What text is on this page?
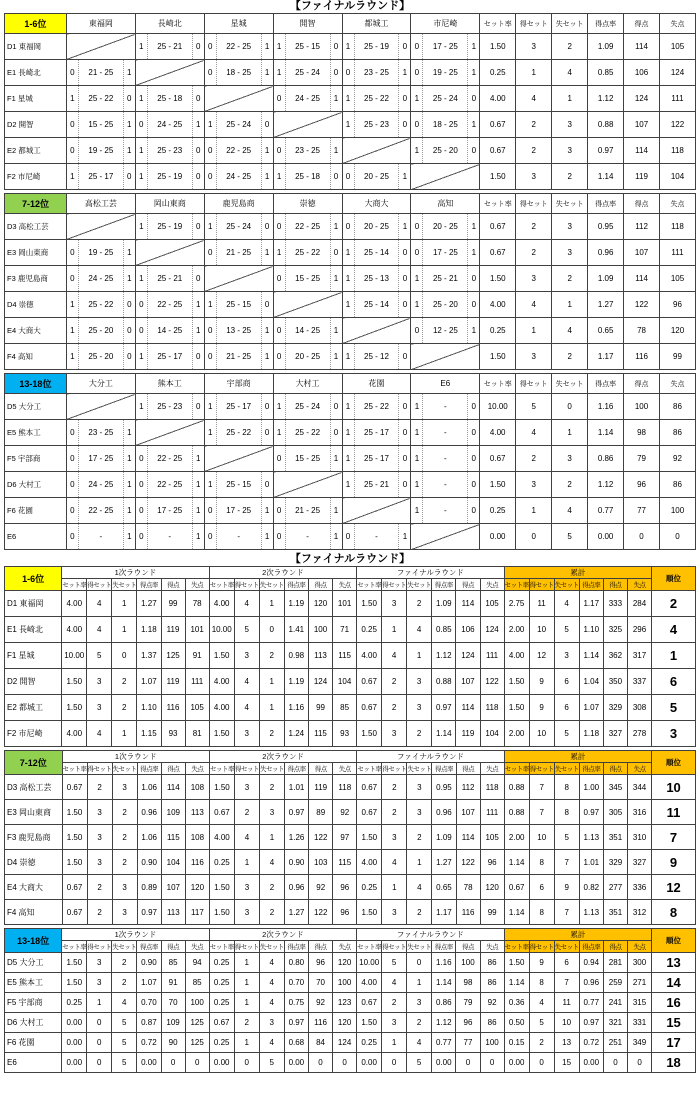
【ファイナルラウンド】
1-6位	東福岡	長崎北	星城	開智	都城工	市尼崎	セット率	得セット	失セット	得点率	得点	失点
D1 東福岡		1 25 - 21 0	0 22 - 25 1	1 25 - 15 0	1 25 - 19 0	0 17 - 25 1	1.50	3	2	1.09	114	105
E1 長崎北	0 21 - 25 1		0 18 - 25 1	1 25 - 24 0	0 23 - 25 1	0 19 - 25 1	0.25	1	4	0.85	106	124
F1 星城	1 25 - 22 0	1 25 - 18 0		0 24 - 25 1	1 25 - 22 0	1 25 - 24 0	4.00	4	1	1.12	124	111
D2 開智	0 15 - 25 1	0 24 - 25 1	1 25 - 24 0		1 25 - 23 0	0 18 - 25 1	0.67	2	3	0.88	107	122
E2 都城工	0 19 - 25 1	1 25 - 23 0	0 22 - 25 1	0 23 - 25 1		1 25 - 20 0	0.67	2	3	0.97	114	118
F2 市尼崎	1 25 - 17 0	1 25 - 19 0	0 24 - 25 1	1 25 - 18 0	0 20 - 25 1		1.50	3	2	1.14	119	104
7-12位	高松工芸	岡山東商	鹿児島商	崇徳	大商大	高知	セット率	得セット	失セット	得点率	得点	失点
D3 高松工芸		1 25 - 19 0	1 25 - 24 0	0 22 - 25 1	0 20 - 25 1	0 20 - 25 1	0.67	2	3	0.95	112	118
E3 岡山東商	0 19 - 25 1		0 21 - 25 1	1 25 - 22 0	1 25 - 14 0	0 17 - 25 1	0.67	2	3	0.96	107	111
F3 鹿児島商	0 24 - 25 1	1 25 - 21 0		0 15 - 25 1	1 25 - 13 0	1 25 - 21 0	1.50	3	2	1.09	114	105
D4 崇徳	1 25 - 22 0	0 22 - 25 1	1 25 - 15 0		1 25 - 14 0	1 25 - 20 0	4.00	4	1	1.27	122	96
E4 大商大	1 25 - 20 0	0 14 - 25 1	0 13 - 25 1	0 14 - 25 1		0 12 - 25 1	0.25	1	4	0.65	78	120
F4 高知	1 25 - 20 0	1 25 - 17 0	0 21 - 25 1	0 20 - 25 1	1 25 - 12 0		1.50	3	2	1.17	116	99
13-18位	大分工	熊本工	宇部商	大村工	花園	E6	セット率	得セット	失セット	得点率	得点	失点
D5 大分工		1 25 - 23 0	1 25 - 17 0	1 25 - 24 0	1 25 - 22 0	1 - 0	10.00	5	0	1.16	100	86
E5 熊本工	0 23 - 25 1		1 25 - 22 0	1 25 - 22 0	1 25 - 17 0	1 - 0	4.00	4	1	1.14	98	86
F5 宇部商	0 17 - 25 1	0 22 - 25 1		0 15 - 25 1	1 25 - 17 0	1 - 0	0.67	2	3	0.86	79	92
D6 大村工	0 24 - 25 1	0 22 - 25 1	1 25 - 15 0		1 25 - 21 0	1 - 0	1.50	3	2	1.12	96	86
F6 花園	0 22 - 25 1	0 17 - 25 1	0 17 - 25 1	0 21 - 25 1		1 - 0	0.25	1	4	0.77	77	100
E6	0 - 1	0 - 1	0 - 1	0 - 1	0 - 1		0.00	0	5	0.00	0	0
【ファイナルラウンド】
1-6位	1次ラウンド						2次ラウンド						ファイナルラウンド						累計						順位
	セット率	得セット	失セット	得点率	得点	失点	セット率	得セット	失セット	得点率	得点	失点	セット率	得セット	失セット	得点率	得点	失点	セット率	得セット	失セット	得点率	得点	失点	
D1 東福岡	4.00	4	1	1.27	99	78	4.00	4	1	1.19	120	101	1.50	3	2	1.09	114	105	2.75	11	4	1.17	333	284	2
E1 長崎北	4.00	4	1	1.18	119	101	10.00	5	0	1.41	100	71	0.25	1	4	0.85	106	124	2.00	10	5	1.10	325	296	4
F1 星城	10.00	5	0	1.37	125	91	1.50	3	2	0.98	113	115	4.00	4	1	1.12	124	111	4.00	12	3	1.14	362	317	1
D2 開智	1.50	3	2	1.07	119	111	4.00	4	1	1.19	124	104	0.67	2	3	0.88	107	122	1.50	9	6	1.04	350	337	6
E2 都城工	1.50	3	2	1.10	116	105	4.00	4	1	1.16	99	85	0.67	2	3	0.97	114	118	1.50	9	6	1.07	329	308	5
F2 市尼崎	4.00	4	1	1.15	93	81	1.50	3	2	1.24	115	93	1.50	3	2	1.14	119	104	2.00	10	5	1.18	327	278	3
7-12位	1次ラウンド						2次ラウンド						ファイナルラウンド						累計						順位
	セット率	得セット	失セット	得点率	得点	失点	セット率	得セット	失セット	得点率	得点	失点	セット率	得セット	失セット	得点率	得点	失点	セット率	得セット	失セット	得点率	得点	失点	
D3 高松工芸	0.67	2	3	1.06	114	108	1.50	3	2	1.01	119	118	0.67	2	3	0.95	112	118	0.88	7	8	1.00	345	344	10
E3 岡山東商	1.50	3	2	0.96	109	113	0.67	2	3	0.97	89	92	0.67	2	3	0.96	107	111	0.88	7	8	0.97	305	316	11
F3 鹿児島商	1.50	3	2	1.06	115	108	4.00	4	1	1.26	122	97	1.50	3	2	1.09	114	105	2.00	10	5	1.13	351	310	7
D4 崇徳	1.50	3	2	0.90	104	116	0.25	1	4	0.90	103	115	4.00	4	1	1.27	122	96	1.14	8	7	1.01	329	327	9
E4 大商大	0.67	2	3	0.89	107	120	1.50	3	2	0.96	92	96	0.25	1	4	0.65	78	120	0.67	6	9	0.82	277	336	12
F4 高知	0.67	2	3	0.97	113	117	1.50	3	2	1.27	122	96	1.50	3	2	1.17	116	99	1.14	8	7	1.13	351	312	8
13-18位	1次ラウンド						2次ラウンド						ファイナルラウンド						累計						順位
	セット率	得セット	失セット	得点率	得点	失点	セット率	得セット	失セット	得点率	得点	失点	セット率	得セット	失セット	得点率	得点	失点	セット率	得セット	失セット	得点率	得点	失点	
D5 大分工	1.50	3	2	0.90	85	94	0.25	1	4	0.80	96	120	10.00	5	0	1.16	100	86	1.50	9	6	0.94	281	300	13
E5 熊本工	1.50	3	2	1.07	91	85	0.25	1	4	0.70	70	100	4.00	4	1	1.14	98	86	1.14	8	7	0.96	259	271	14
F5 宇部商	0.25	1	4	0.70	70	100	0.25	1	4	0.75	92	123	0.67	2	3	0.86	79	92	0.36	4	11	0.77	241	315	16
D6 大村工	0.00	0	5	0.87	109	125	0.67	2	3	0.97	116	120	1.50	3	2	1.12	96	86	0.50	5	10	0.97	321	331	15
F6 花園	0.00	0	5	0.72	90	125	0.25	1	4	0.68	84	124	0.25	1	4	0.77	77	100	0.15	2	13	0.72	251	349	17
E6	0.00	0	5	0.00	0	0	0.00	0	5	0.00	0	0	0.00	0	5	0.00	0	0	0.00	0	15	0.00	0	0	18
